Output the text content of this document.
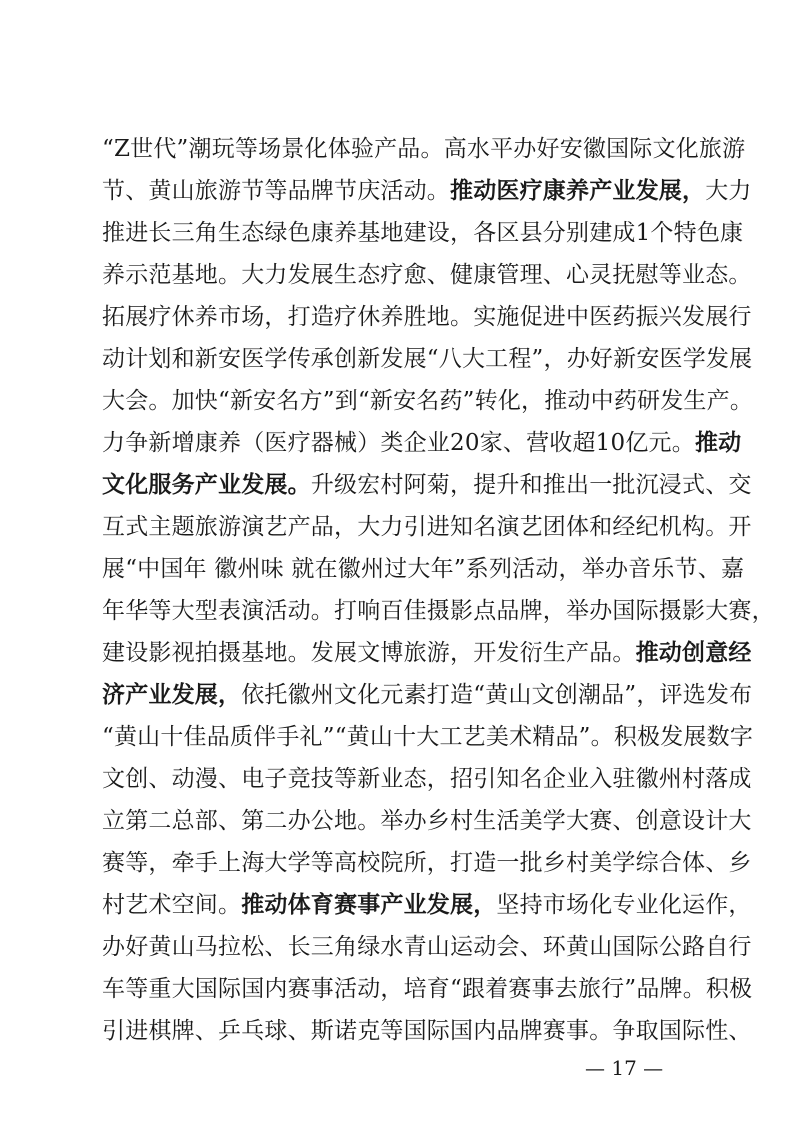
“Z世代”潮玩等场景化体验产品。高水平办好安徽国际文化旅游
节、黄山旅游节等品牌节庆活动。推动医疗康养产业发展，大力
推进长三角生态绿色康养基地建设，各区县分别建成1个特色康
养示范基地。大力发展生态疗愈、健康管理、心灵抚慰等业态。
拓展疗休养市场，打造疗休养胜地。实施促进中医药振兴发展行
动计划和新安医学传承创新发展“八大工程”，办好新安医学发展
大会。加快“新安名方”到“新安名药”转化，推动中药研发生产。
力争新增康养（医疗器械）类企业20家、营收超10亿元。推动
文化服务产业发展。升级宏村阿菊，提升和推出一批沉浸式、交
互式主题旅游演艺产品，大力引进知名演艺团体和经纪机构。开
展“中国年 徽州味 就在徽州过大年”系列活动，举办音乐节、嘉
年华等大型表演活动。打响百佳摄影点品牌，举办国际摄影大赛，
建设影视拍摄基地。发展文博旅游，开发衍生产品。推动创意经
济产业发展，依托徽州文化元素打造“黄山文创潮品”，评选发布
“黄山十佳品质伴手礼”“黄山十大工艺美术精品”。积极发展数字
文创、动漫、电子竞技等新业态，招引知名企业入驻徽州村落成
立第二总部、第二办公地。举办乡村生活美学大赛、创意设计大
赛等，牵手上海大学等高校院所，打造一批乡村美学综合体、乡
村艺术空间。推动体育赛事产业发展，坚持市场化专业化运作，
办好黄山马拉松、长三角绿水青山运动会、环黄山国际公路自行
车等重大国际国内赛事活动，培育“跟着赛事去旅行”品牌。积极
引进棋牌、乒乓球、斯诺克等国际国内品牌赛事。争取国际性、
— 17 —
